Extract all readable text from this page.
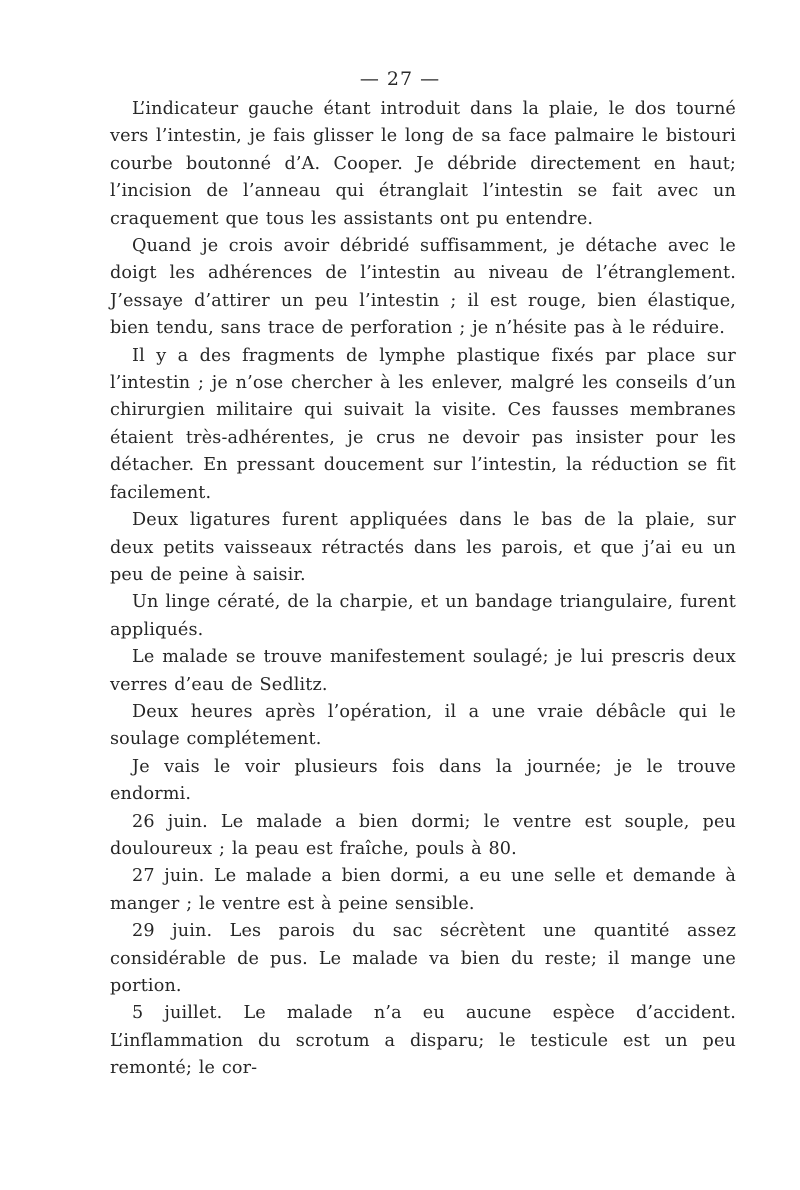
— 27 —

L’indicateur gauche étant introduit dans la plaie, le dos tourné vers l’intestin, je fais glisser le long de sa face palmaire le bistouri courbe boutonné d’A. Cooper. Je débride directement en haut; l’incision de l’anneau qui étranglait l’intestin se fait avec un craquement que tous les assistants ont pu entendre.

Quand je crois avoir débridé suffisamment, je détache avec le doigt les adhérences de l’intestin au niveau de l’étranglement. J’essaye d’attirer un peu l’intestin ; il est rouge, bien élastique, bien tendu, sans trace de perforation ; je n’hésite pas à le réduire.

Il y a des fragments de lymphe plastique fixés par place sur l’intestin ; je n’ose chercher à les enlever, malgré les conseils d’un chirurgien militaire qui suivait la visite. Ces fausses membranes étaient très-adhérentes, je crus ne devoir pas insister pour les détacher. En pressant doucement sur l’intestin, la réduction se fit facilement.

Deux ligatures furent appliquées dans le bas de la plaie, sur deux petits vaisseaux rétractés dans les parois, et que j’ai eu un peu de peine à saisir.

Un linge cératé, de la charpie, et un bandage triangulaire, furent appliqués.

Le malade se trouve manifestement soulagé; je lui prescris deux verres d’eau de Sedlitz.

Deux heures après l’opération, il a une vraie débâcle qui le soulage complétement.

Je vais le voir plusieurs fois dans la journée; je le trouve endormi.

26 juin. Le malade a bien dormi; le ventre est souple, peu douloureux ; la peau est fraîche, pouls à 80.

27 juin. Le malade a bien dormi, a eu une selle et demande à manger ; le ventre est à peine sensible.

29 juin. Les parois du sac sécrètent une quantité assez considérable de pus. Le malade va bien du reste; il mange une portion.

5 juillet. Le malade n’a eu aucune espèce d’accident. L’inflammation du scrotum a disparu; le testicule est un peu remonté; le cor-
